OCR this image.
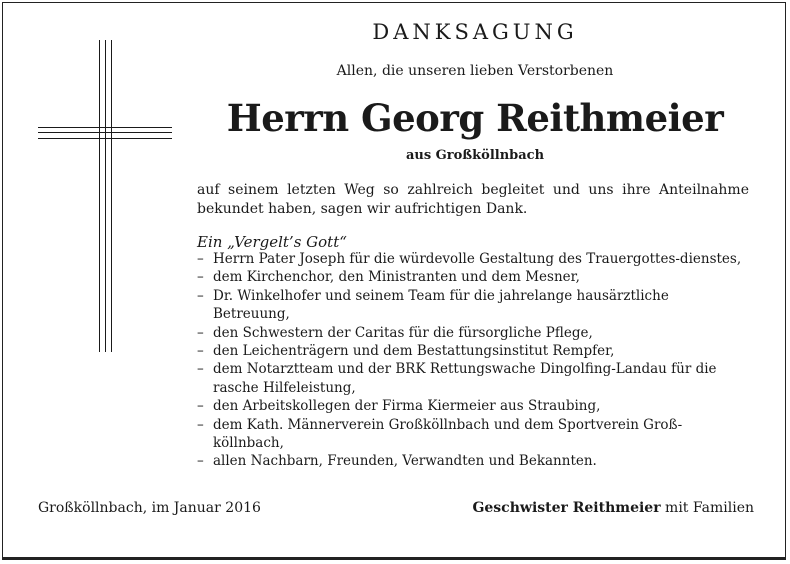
DANKSAGUNG
Allen, die unseren lieben Verstorbenen
Herrn Georg Reithmeier
aus Großköllnbach
auf seinem letzten Weg so zahlreich begleitet und uns ihre Anteilnahme bekundet haben, sagen wir aufrichtigen Dank.
Ein „Vergelt’s Gott“
– Herrn Pater Joseph für die würdevolle Gestaltung des Trauergottes-dienstes,
– dem Kirchenchor, den Ministranten und dem Mesner,
– Dr. Winkelhofer und seinem Team für die jahrelange hausärztliche Betreuung,
– den Schwestern der Caritas für die fürsorgliche Pflege,
– den Leichenträgern und dem Bestattungsinstitut Rempfer,
– dem Notarztteam und der BRK Rettungswache Dingolfing-Landau für die rasche Hilfeleistung,
– den Arbeitskollegen der Firma Kiermeier aus Straubing,
– dem Kath. Männerverein Großköllnbach und dem Sportverein Groß-köllnbach,
– allen Nachbarn, Freunden, Verwandten und Bekannten.
Großköllnbach, im Januar 2016	Geschwister Reithmeier mit Familien
